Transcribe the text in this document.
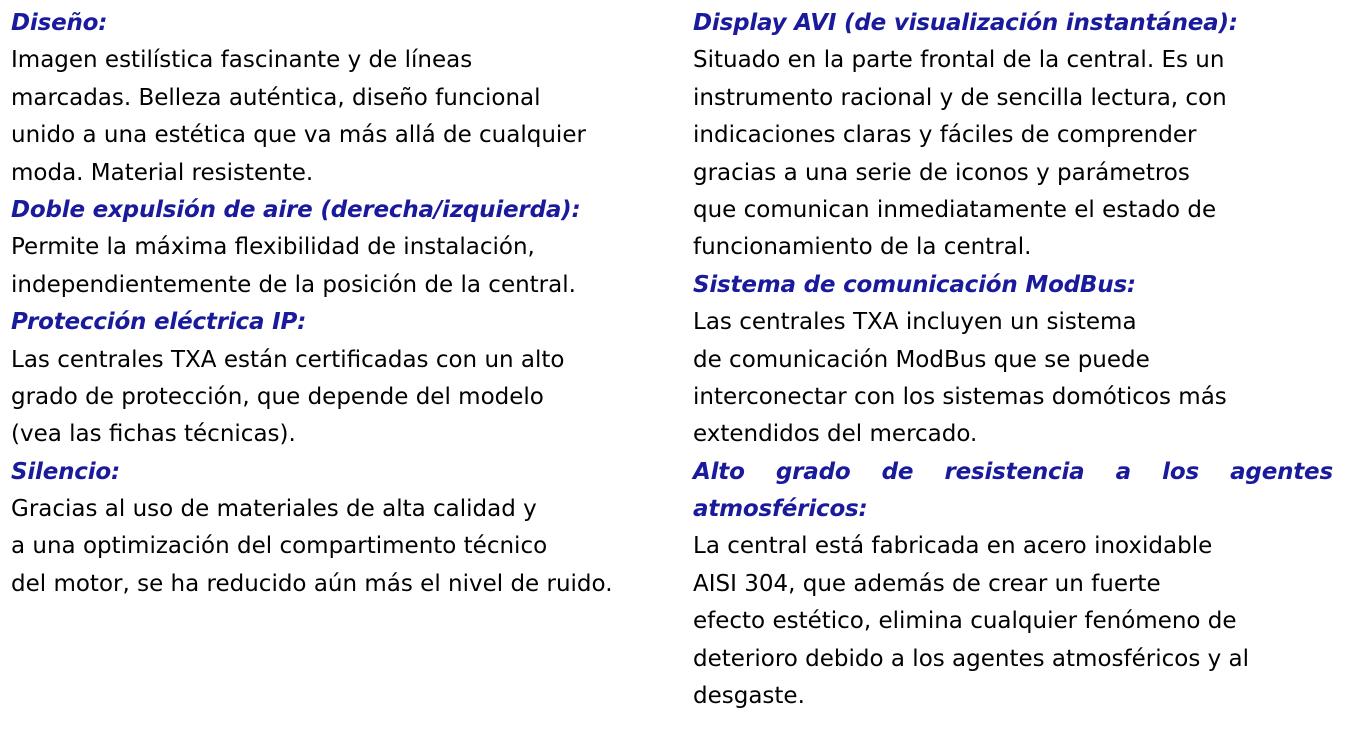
Diseño:
Imagen estilística fascinante y de líneas
marcadas. Belleza auténtica, diseño funcional
unido a una estética que va más allá de cualquier
moda. Material resistente.
Doble expulsión de aire (derecha/izquierda):
Permite la máxima flexibilidad de instalación,
independientemente de la posición de la central.
Protección eléctrica IP:
Las centrales TXA están certificadas con un alto
grado de protección, que depende del modelo
(vea las fichas técnicas).
Silencio:
Gracias al uso de materiales de alta calidad y
a una optimización del compartimento técnico
del motor, se ha reducido aún más el nivel de ruido.
Display AVI (de visualización instantánea):
Situado en la parte frontal de la central. Es un
instrumento racional y de sencilla lectura, con
indicaciones claras y fáciles de comprender
gracias a una serie de iconos y parámetros
que comunican inmediatamente el estado de
funcionamiento de la central.
Sistema de comunicación ModBus:
Las centrales TXA incluyen un sistema
de comunicación ModBus que se puede
interconectar con los sistemas domóticos más
extendidos del mercado.
Alto grado de resistencia a los agentes
atmosféricos:
La central está fabricada en acero inoxidable
AISI 304, que además de crear un fuerte
efecto estético, elimina cualquier fenómeno de
deterioro debido a los agentes atmosféricos y al
desgaste.
